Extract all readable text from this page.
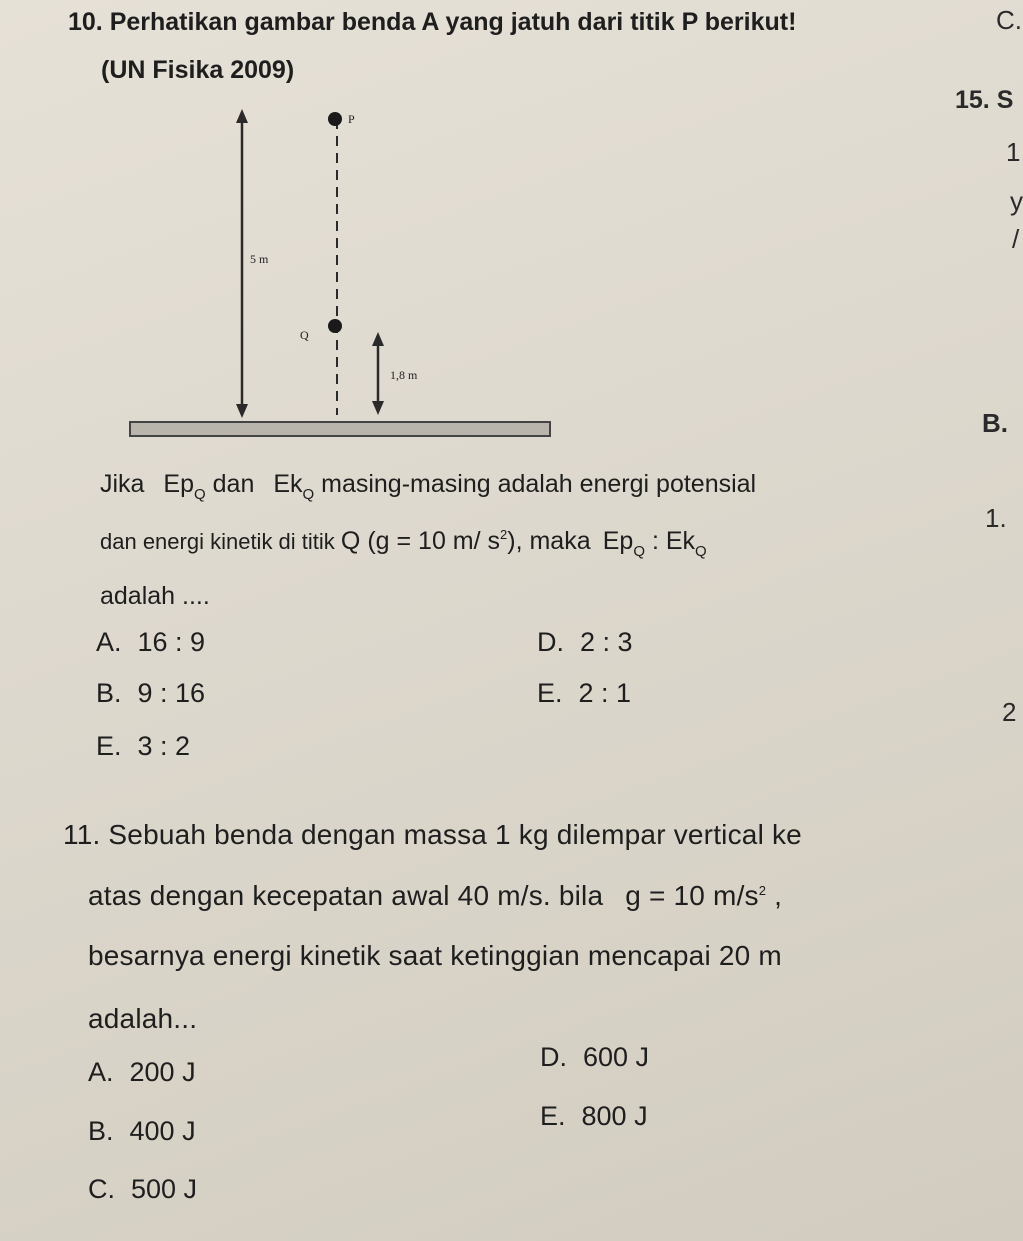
10. Perhatikan gambar benda A yang jatuh dari titik P berikut!
(UN Fisika 2009)
5 m
P
Q
1,8 m
Jika $Ep_Q$ dan $Ek_Q$ masing-masing adalah energi potensial
dan energi kinetik di titik Q (g = 10 m/ $s^2$), maka $Ep_Q$ : $Ek_Q$
adalah ....
A. 16 : 9	D. 2 : 3
B. 9 : 16	E. 2 : 1
E. 3 : 2
11. Sebuah benda dengan massa 1 kg dilempar vertical ke
atas dengan kecepatan awal 40 m/s. bila g = 10 $m/s^2$ ,
besarnya energi kinetik saat ketinggian mencapai 20 m
adalah...
A. 200 J	D. 600 J
B. 400 J	E. 800 J
C. 500 J
C.
15. S
1
y
/
B.
1.
2
